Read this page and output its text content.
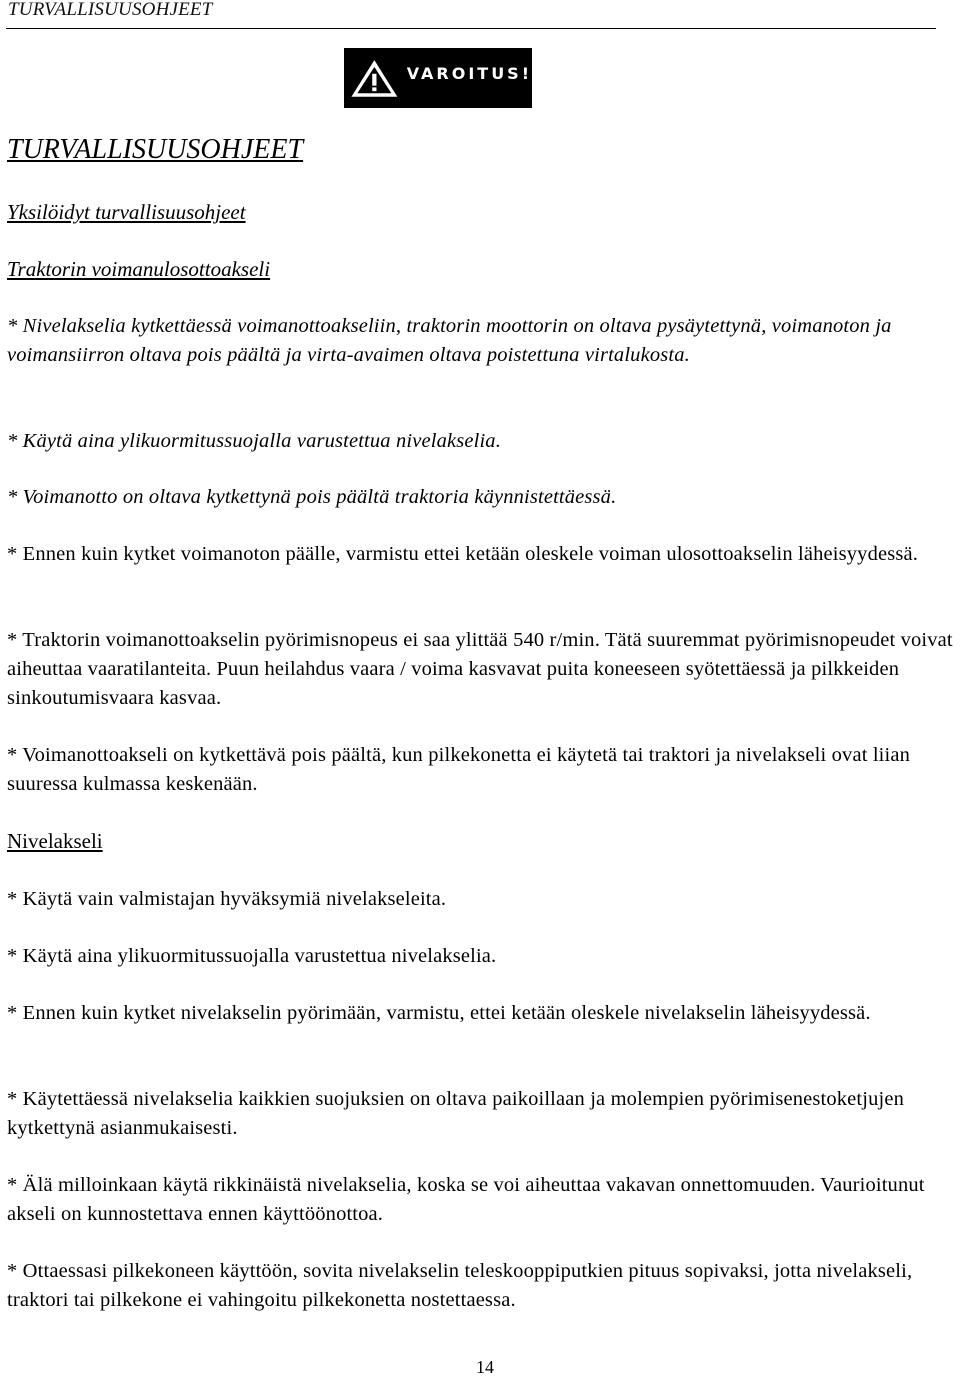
TURVALLISUUSOHJEET
VAROITUS!
TURVALLISUUSOHJEET
Yksilöidyt turvallisuusohjeet
Traktorin voimanulosottoakseli

* Nivelakselia kytkettäessä voimanottoakseliin, traktorin moottorin on oltava pysäytettynä, voimanoton ja voimansiirron oltava pois päältä ja virta-avaimen oltava poistettuna virtalukosta.

* Käytä aina ylikuormitussuojalla varustettua nivelakselia.

* Voimanotto on oltava kytkettynä pois päältä traktoria käynnistettäessä.

* Ennen kuin kytket voimanoton päälle, varmistu ettei ketään oleskele voiman ulosottoakselin läheisyydessä.

* Traktorin voimanottoakselin pyörimisnopeus ei saa ylittää 540 r/min. Tätä suuremmat pyörimisnopeudet voivat aiheuttaa vaaratilanteita. Puun heilahdus vaara / voima kasvavat puita koneeseen syötettäessä ja pilkkeiden sinkoutumisvaara kasvaa.

* Voimanottoakseli on kytkettävä pois päältä, kun pilkekonetta ei käytetä tai traktori ja nivelakseli ovat liian suuressa kulmassa keskenään.

Nivelakseli

* Käytä vain valmistajan hyväksymiä nivelakseleita.

* Käytä aina ylikuormitussuojalla varustettua nivelakselia.

* Ennen kuin kytket nivelakselin pyörimään, varmistu, ettei ketään oleskele nivelakselin läheisyydessä.

* Käytettäessä nivelakselia kaikkien suojuksien on oltava paikoillaan ja molempien pyörimisenestoketjujen kytkettynä asianmukaisesti.

* Älä milloinkaan käytä rikkinäistä nivelakselia, koska se voi aiheuttaa vakavan onnettomuuden. Vaurioitunut akseli on kunnostettava ennen käyttöönottoa.

* Ottaessasi pilkekoneen käyttöön, sovita nivelakselin teleskooppiputkien pituus sopivaksi, jotta nivelakseli, traktori tai pilkekone ei vahingoitu pilkekonetta nostettaessa.

14
